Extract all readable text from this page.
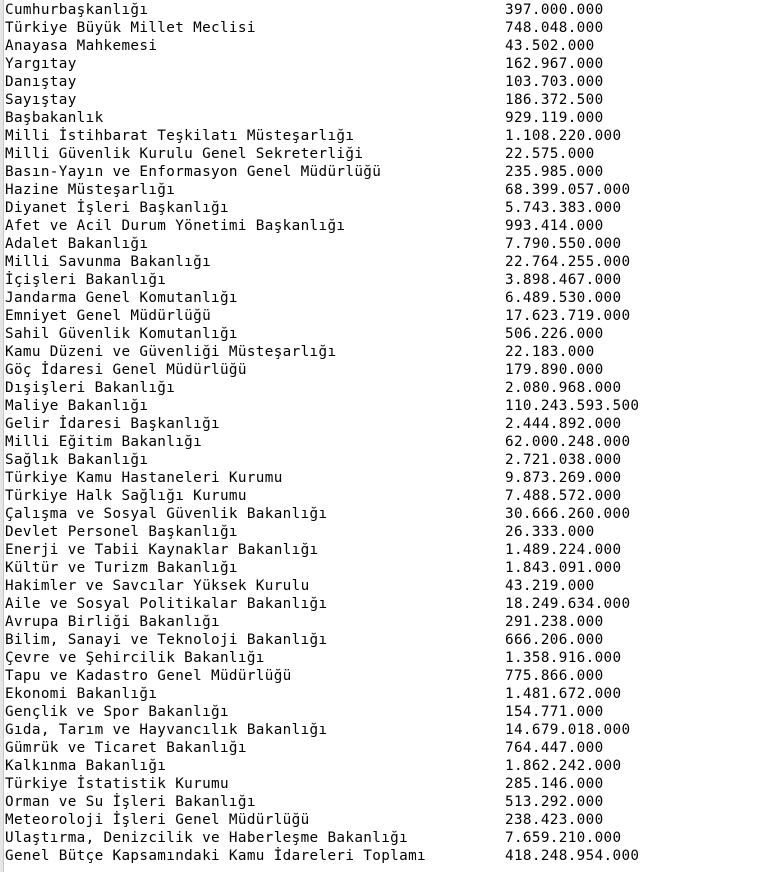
Cumhurbaşkanlığı	397.000.000
Türkiye Büyük Millet Meclisi	748.048.000
Anayasa Mahkemesi	43.502.000
Yargıtay	162.967.000
Danıştay	103.703.000
Sayıştay	186.372.500
Başbakanlık	929.119.000
Milli İstihbarat Teşkilatı Müsteşarlığı	1.108.220.000
Milli Güvenlik Kurulu Genel Sekreterliği	22.575.000
Basın-Yayın ve Enformasyon Genel Müdürlüğü	235.985.000
Hazine Müsteşarlığı	68.399.057.000
Diyanet İşleri Başkanlığı	5.743.383.000
Afet ve Acil Durum Yönetimi Başkanlığı	993.414.000
Adalet Bakanlığı	7.790.550.000
Milli Savunma Bakanlığı	22.764.255.000
İçişleri Bakanlığı	3.898.467.000
Jandarma Genel Komutanlığı	6.489.530.000
Emniyet Genel Müdürlüğü	17.623.719.000
Sahil Güvenlik Komutanlığı	506.226.000
Kamu Düzeni ve Güvenliği Müsteşarlığı	22.183.000
Göç İdaresi Genel Müdürlüğü	179.890.000
Dışişleri Bakanlığı	2.080.968.000
Maliye Bakanlığı	110.243.593.500
Gelir İdaresi Başkanlığı	2.444.892.000
Milli Eğitim Bakanlığı	62.000.248.000
Sağlık Bakanlığı	2.721.038.000
Türkiye Kamu Hastaneleri Kurumu	9.873.269.000
Türkiye Halk Sağlığı Kurumu	7.488.572.000
Çalışma ve Sosyal Güvenlik Bakanlığı	30.666.260.000
Devlet Personel Başkanlığı	26.333.000
Enerji ve Tabii Kaynaklar Bakanlığı	1.489.224.000
Kültür ve Turizm Bakanlığı	1.843.091.000
Hakimler ve Savcılar Yüksek Kurulu	43.219.000
Aile ve Sosyal Politikalar Bakanlığı	18.249.634.000
Avrupa Birliği Bakanlığı	291.238.000
Bilim, Sanayi ve Teknoloji Bakanlığı	666.206.000
Çevre ve Şehircilik Bakanlığı	1.358.916.000
Tapu ve Kadastro Genel Müdürlüğü	775.866.000
Ekonomi Bakanlığı	1.481.672.000
Gençlik ve Spor Bakanlığı	154.771.000
Gıda, Tarım ve Hayvancılık Bakanlığı	14.679.018.000
Gümrük ve Ticaret Bakanlığı	764.447.000
Kalkınma Bakanlığı	1.862.242.000
Türkiye İstatistik Kurumu	285.146.000
Orman ve Su İşleri Bakanlığı	513.292.000
Meteoroloji İşleri Genel Müdürlüğü	238.423.000
Ulaştırma, Denizcilik ve Haberleşme Bakanlığı	7.659.210.000
Genel Bütçe Kapsamındaki Kamu İdareleri Toplamı	418.248.954.000
